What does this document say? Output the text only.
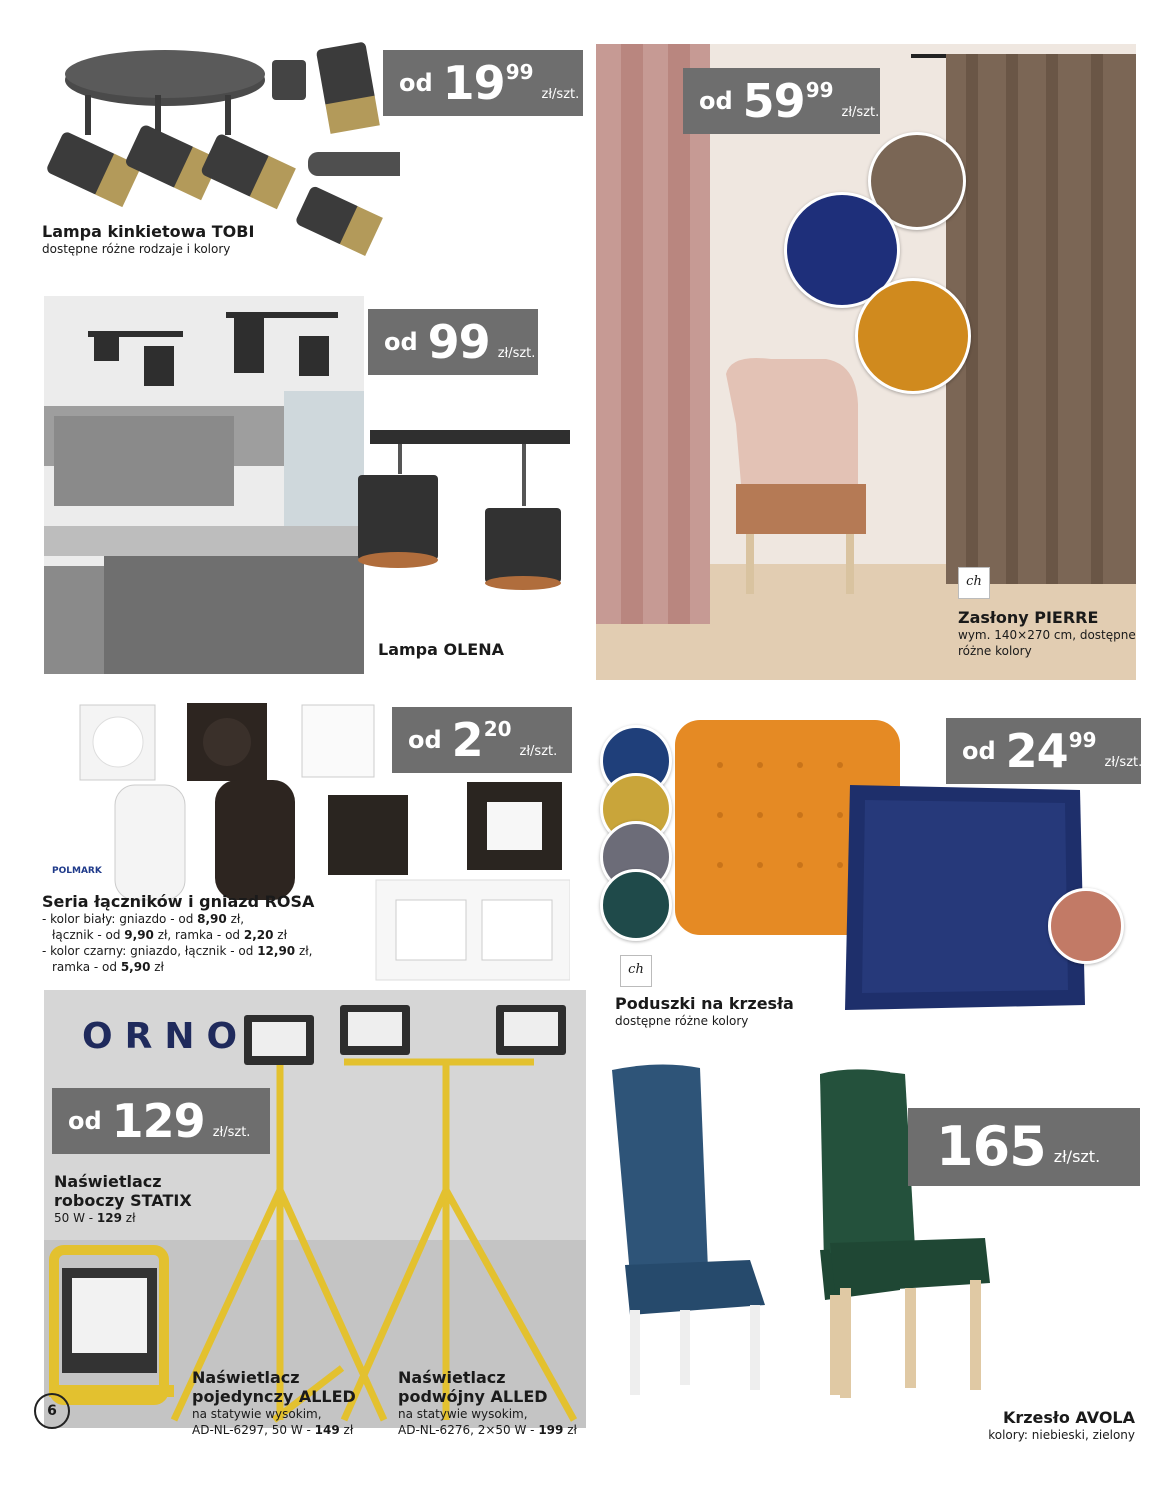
od 19 99
zł/szt.
Lampa kinkietowa TOBI
dostępne różne rodzaje i kolory
od 99 zł/szt.
Lampa OLENA
od 59 99
zł/szt.
ch
Zasłony PIERRE
wym. 140×270 cm, dostępne
różne kolory
od 2 20
zł/szt.
POLMARK
Seria łączników i gniazd ROSA
- kolor biały: gniazdo - od 8,90 zł,
łącznik - od 9,90 zł, ramka - od 2,20 zł
- kolor czarny: gniazdo, łącznik - od 12,90 zł,
ramka - od 5,90 zł
od 24 99
zł/szt.
ch
Poduszki na krzesła
dostępne różne kolory
ORNO
od 129 zł/szt.
Naświetlacz
roboczy STATIX
50 W - 129 zł
Naświetlacz
pojedynczy ALLED
na statywie wysokim,
AD-NL-6297, 50 W - 149 zł
Naświetlacz
podwójny ALLED
na statywie wysokim,
AD-NL-6276, 2×50 W - 199 zł
165 zł/szt.
Krzesło AVOLA
kolory: niebieski, zielony
6
